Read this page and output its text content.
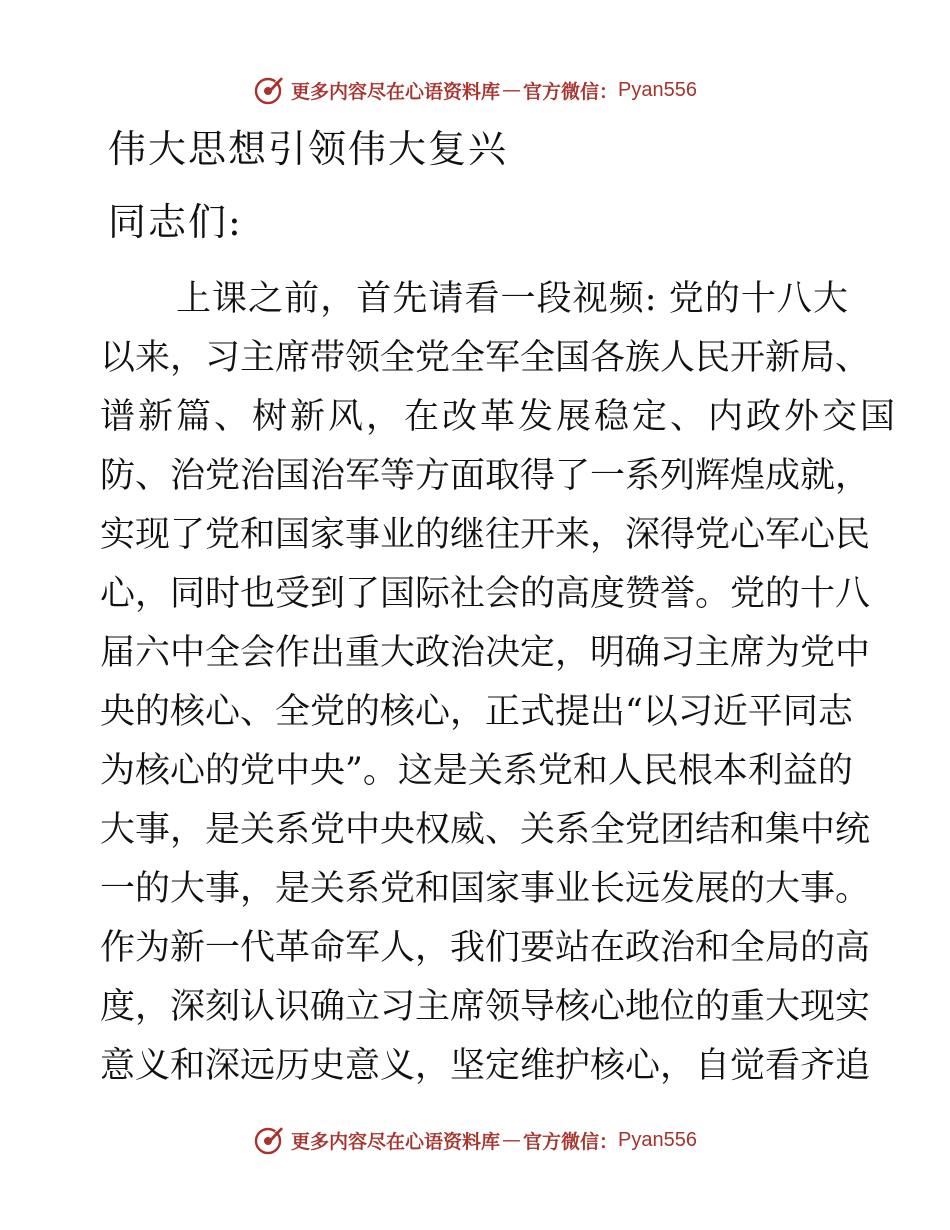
更多内容尽在心语资料库 — 官方微信： Pyan556
伟大思想引领伟大复兴
同志们:
上课之前，首先请看一段视频: 党的十八大
以来，习主席带领全党全军全国各族人民开新局、
谱新篇、树新风，在改革发展稳定、内政外交国
防、治党治国治军等方面取得了一系列辉煌成就，
实现了党和国家事业的继往开来，深得党心军心民
心，同时也受到了国际社会的高度赞誉。党的十八
届六中全会作出重大政治决定，明确习主席为党中
央的核心、全党的核心，正式提出“以习近平同志
为核心的党中央”。这是关系党和人民根本利益的
大事，是关系党中央权威、关系全党团结和集中统
一的大事，是关系党和国家事业长远发展的大事。
作为新一代革命军人，我们要站在政治和全局的高
度，深刻认识确立习主席领导核心地位的重大现实
意义和深远历史意义，坚定维护核心，自觉看齐追
更多内容尽在心语资料库 — 官方微信： Pyan556
